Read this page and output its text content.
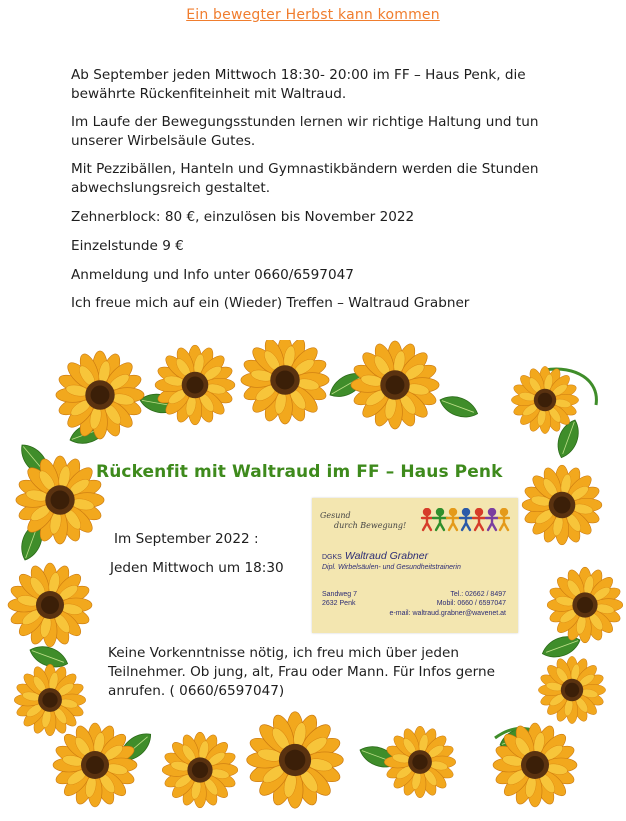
Ein bewegter Herbst kann kommen

Ab September jeden Mittwoch 18:30- 20:00 im FF – Haus Penk, die bewährte Rückenfiteinheit mit Waltraud.

Im Laufe der Bewegungsstunden lernen wir richtige Haltung und tun unserer Wirbelsäule Gutes.

Mit Pezzibällen, Hanteln und Gymnastikbändern werden die Stunden abwechslungsreich gestaltet.

Zehnerblock: 80 €, einzulösen bis November 2022

Einzelstunde 9 €

Anmeldung und Info unter 0660/6597047

Ich freue mich auf ein (Wieder) Treffen – Waltraud Grabner

Rückenfit mit Waltraud im FF – Haus Penk
Im September 2022 :
Jeden Mittwoch um 18:30
Keine Vorkenntnisse nötig, ich freu mich über jeden Teilnehmer. Ob jung, alt, Frau oder Mann. Für Infos gerne anrufen. ( 0660/6597047)
Gesund
durch Bewegung!
DGKS Waltraud Grabner
Dipl. Wirbelsäulen- und Gesundheitstrainerin
Sandweg 7
2632 Penk
Tel.: 02662 / 8497
Mobil: 0660 / 6597047
e-mail: waltraud.grabner@wavenet.at
